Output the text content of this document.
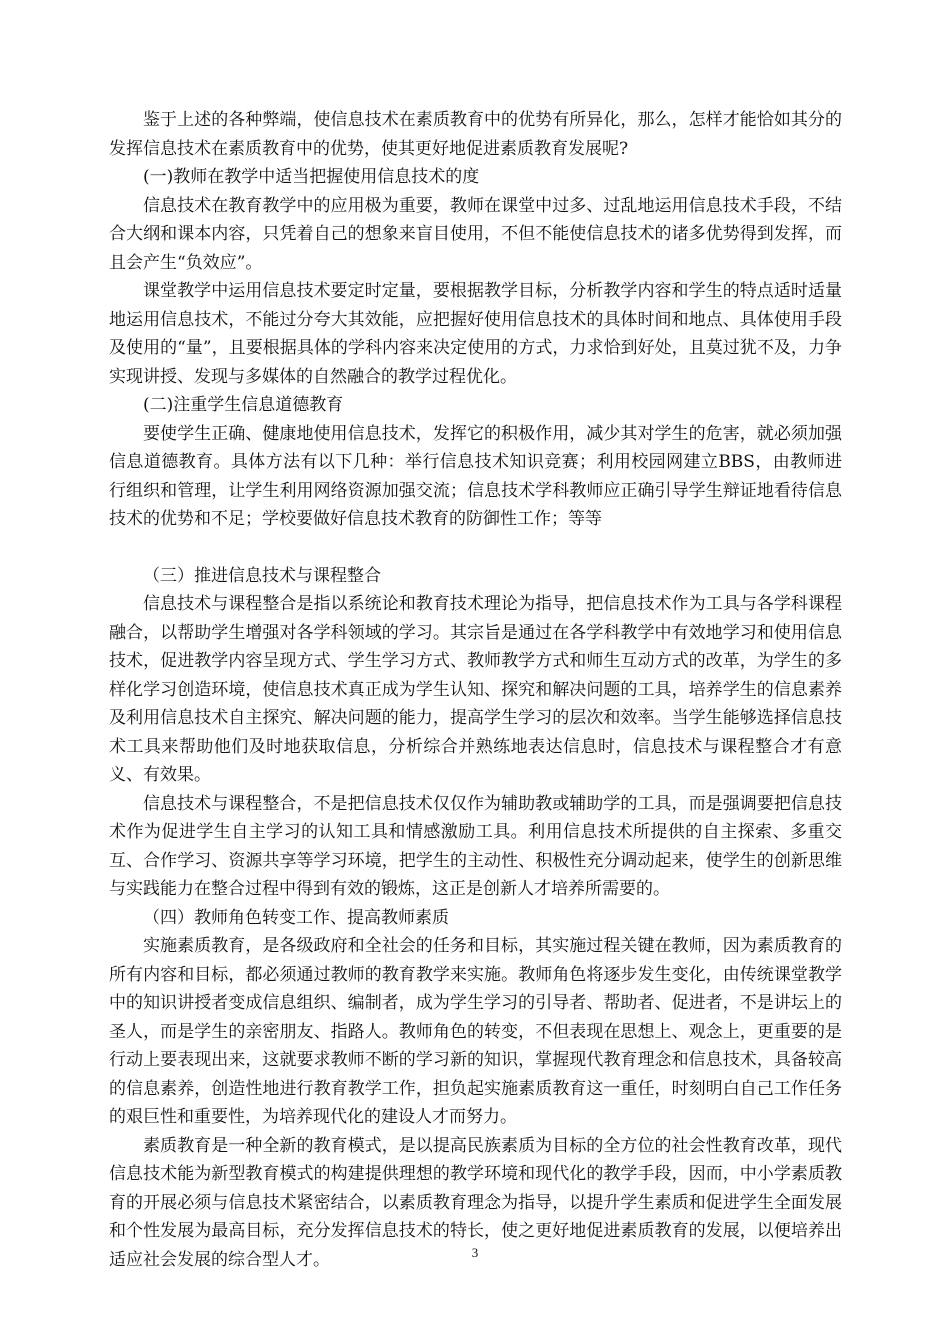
鉴于上述的各种弊端，使信息技术在素质教育中的优势有所异化，那么，怎样才能恰如其分的发挥信息技术在素质教育中的优势，使其更好地促进素质教育发展呢?

(一)教师在教学中适当把握使用信息技术的度

信息技术在教育教学中的应用极为重要，教师在课堂中过多、过乱地运用信息技术手段，不结合大纲和课本内容，只凭着自己的想象来盲目使用，不但不能使信息技术的诸多优势得到发挥，而且会产生“负效应”。

课堂教学中运用信息技术要定时定量，要根据教学目标，分析教学内容和学生的特点适时适量地运用信息技术，不能过分夸大其效能，应把握好使用信息技术的具体时间和地点、具体使用手段及使用的“量”，且要根据具体的学科内容来决定使用的方式，力求恰到好处，且莫过犹不及，力争实现讲授、发现与多媒体的自然融合的教学过程优化。

(二)注重学生信息道德教育

要使学生正确、健康地使用信息技术，发挥它的积极作用，减少其对学生的危害，就必须加强信息道德教育。具体方法有以下几种：举行信息技术知识竞赛；利用校园网建立BBS，由教师进行组织和管理，让学生利用网络资源加强交流；信息技术学科教师应正确引导学生辩证地看待信息技术的优势和不足；学校要做好信息技术教育的防御性工作；等等

（三）推进信息技术与课程整合

信息技术与课程整合是指以系统论和教育技术理论为指导，把信息技术作为工具与各学科课程融合，以帮助学生增强对各学科领域的学习。其宗旨是通过在各学科教学中有效地学习和使用信息技术，促进教学内容呈现方式、学生学习方式、教师教学方式和师生互动方式的改革，为学生的多样化学习创造环境，使信息技术真正成为学生认知、探究和解决问题的工具，培养学生的信息素养及利用信息技术自主探究、解决问题的能力，提高学生学习的层次和效率。当学生能够选择信息技术工具来帮助他们及时地获取信息，分析综合并熟练地表达信息时，信息技术与课程整合才有意义、有效果。

信息技术与课程整合，不是把信息技术仅仅作为辅助教或辅助学的工具，而是强调要把信息技术作为促进学生自主学习的认知工具和情感激励工具。利用信息技术所提供的自主探索、多重交互、合作学习、资源共享等学习环境，把学生的主动性、积极性充分调动起来，使学生的创新思维与实践能力在整合过程中得到有效的锻炼，这正是创新人才培养所需要的。

（四）教师角色转变工作、提高教师素质

实施素质教育，是各级政府和全社会的任务和目标，其实施过程关键在教师，因为素质教育的所有内容和目标，都必须通过教师的教育教学来实施。教师角色将逐步发生变化，由传统课堂教学中的知识讲授者变成信息组织、编制者，成为学生学习的引导者、帮助者、促进者，不是讲坛上的圣人，而是学生的亲密朋友、指路人。教师角色的转变，不但表现在思想上、观念上，更重要的是行动上要表现出来，这就要求教师不断的学习新的知识，掌握现代教育理念和信息技术，具备较高的信息素养，创造性地进行教育教学工作，担负起实施素质教育这一重任，时刻明白自己工作任务的艰巨性和重要性，为培养现代化的建设人才而努力。

素质教育是一种全新的教育模式，是以提高民族素质为目标的全方位的社会性教育改革，现代信息技术能为新型教育模式的构建提供理想的教学环境和现代化的教学手段，因而，中小学素质教育的开展必须与信息技术紧密结合，以素质教育理念为指导，以提升学生素质和促进学生全面发展和个性发展为最高目标，充分发挥信息技术的特长，使之更好地促进素质教育的发展，以便培养出适应社会发展的综合型人才。	3
